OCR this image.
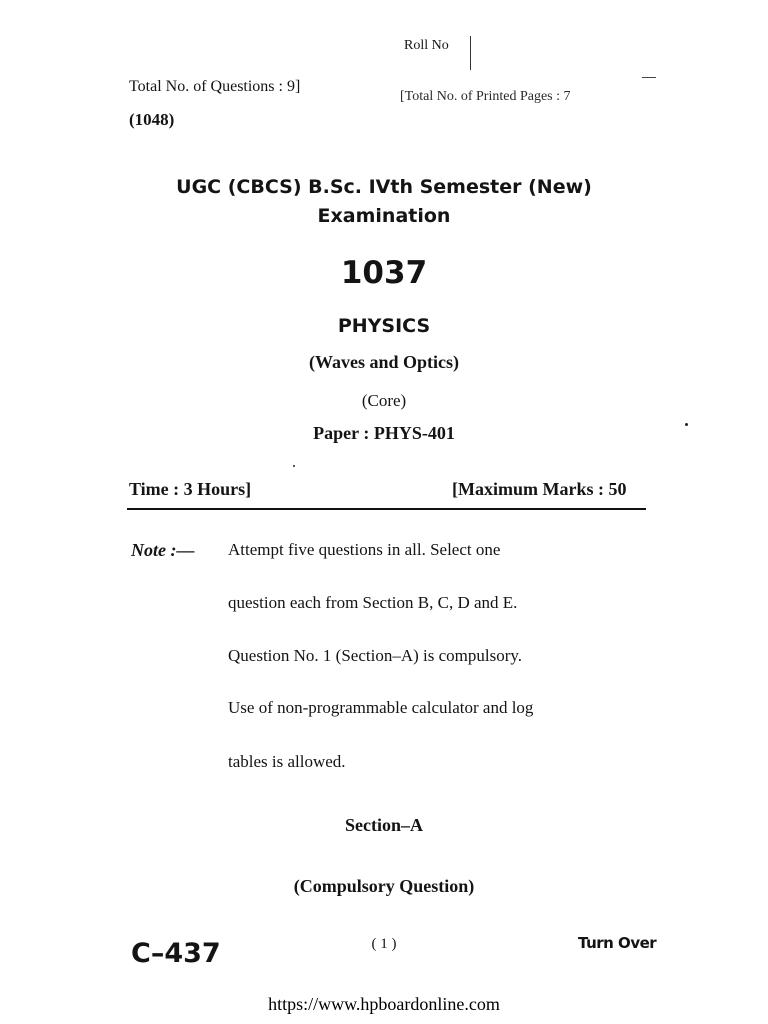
Roll No
Total No. of Questions : 9]
[Total No. of Printed Pages : 7
(1048)
UGC (CBCS) B.Sc. IVth Semester (New)
Examination
1037
PHYSICS
(Waves and Optics)
(Core)
Paper : PHYS-401
Time : 3 Hours]	[Maximum Marks : 50
Note :— Attempt five questions in all. Select one
question each from Section B, C, D and E.
Question No. 1 (Section–A) is compulsory.
Use of non-programmable calculator and log
tables is allowed.
Section–A
(Compulsory Question)
C–437	( 1 )	Turn Over
https://www.hpboardonline.com
